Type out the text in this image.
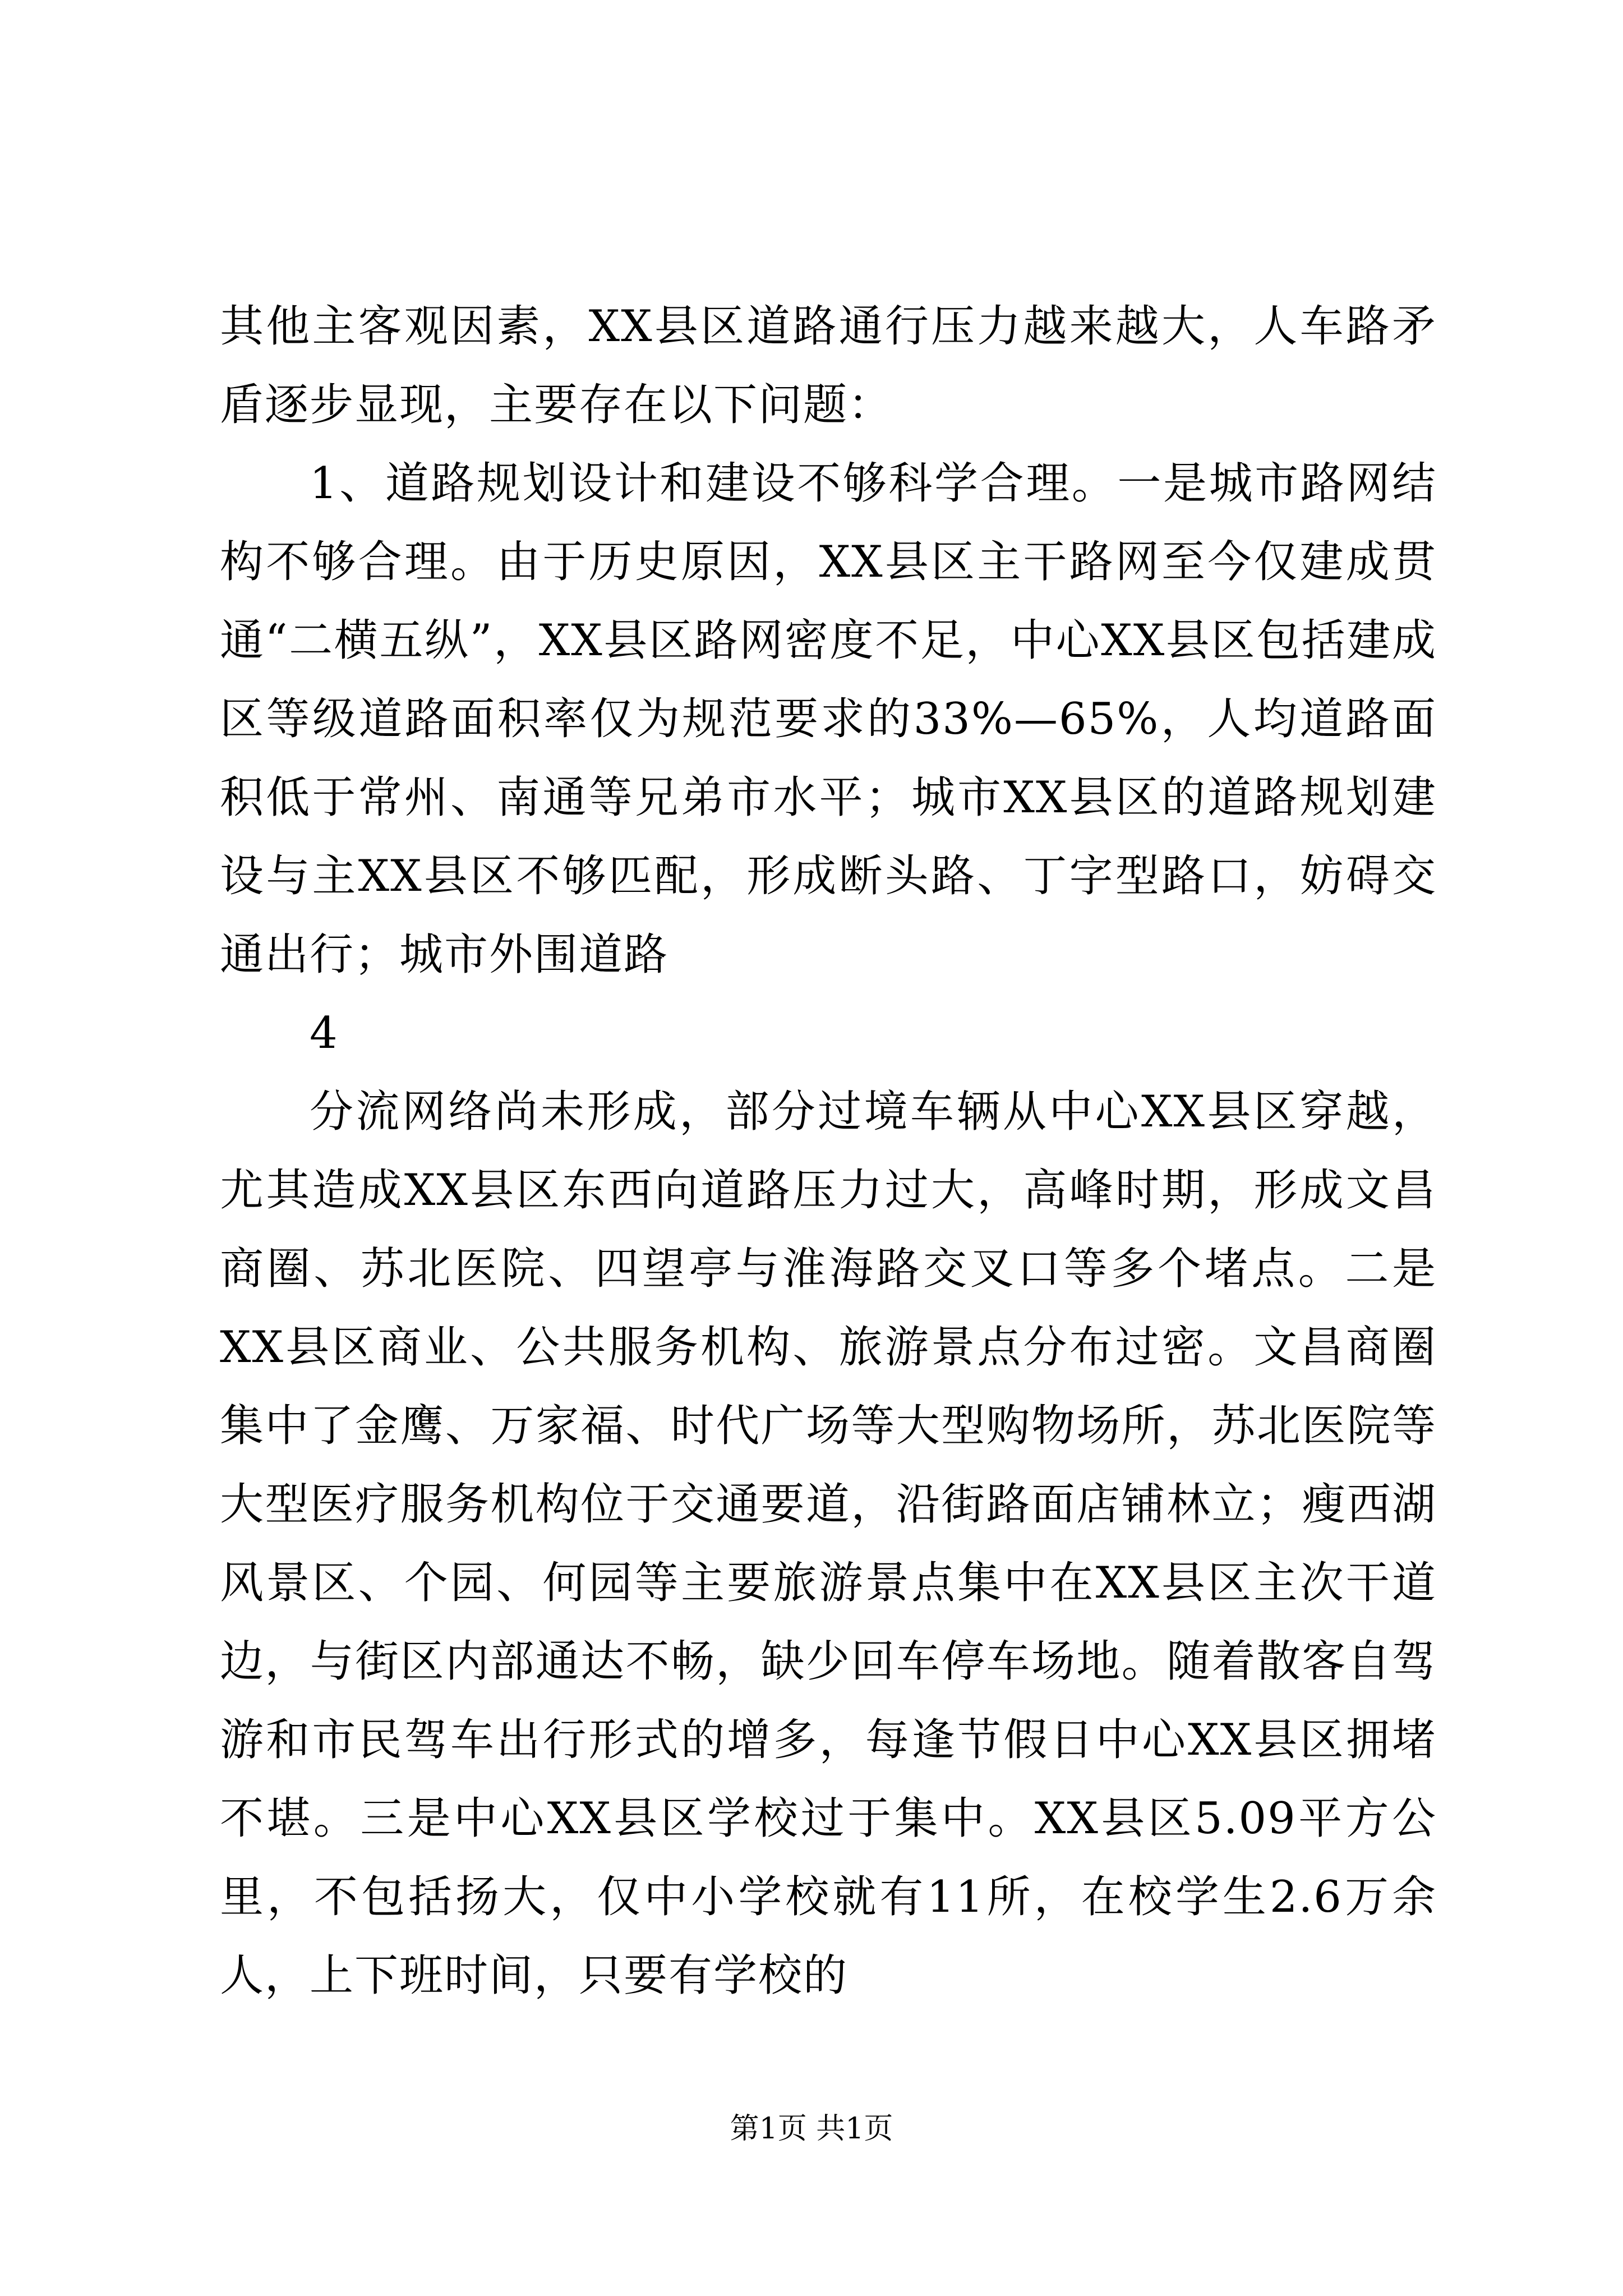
其他主客观因素，XX县区道路通行压力越来越大，人车路矛盾逐步显现，主要存在以下问题：

1、道路规划设计和建设不够科学合理。一是城市路网结构不够合理。由于历史原因，XX县区主干路网至今仅建成贯通“二横五纵”，XX县区路网密度不足，中心XX县区包括建成区等级道路面积率仅为规范要求的33%—65%，人均道路面积低于常州、南通等兄弟市水平；城市XX县区的道路规划建设与主XX县区不够匹配，形成断头路、丁字型路口，妨碍交通出行；城市外围道路

4

分流网络尚未形成，部分过境车辆从中心XX县区穿越，尤其造成XX县区东西向道路压力过大，高峰时期，形成文昌商圈、苏北医院、四望亭与淮海路交叉口等多个堵点。二是XX县区商业、公共服务机构、旅游景点分布过密。文昌商圈集中了金鹰、万家福、时代广场等大型购物场所，苏北医院等大型医疗服务机构位于交通要道，沿街路面店铺林立；瘦西湖风景区、个园、何园等主要旅游景点集中在XX县区主次干道边，与街区内部通达不畅，缺少回车停车场地。随着散客自驾游和市民驾车出行形式的增多，每逢节假日中心XX县区拥堵不堪。三是中心XX县区学校过于集中。XX县区5.09平方公里，不包括扬大，仅中小学校就有11所，在校学生2.6万余人，上下班时间，只要有学校的

第1页 共1页
